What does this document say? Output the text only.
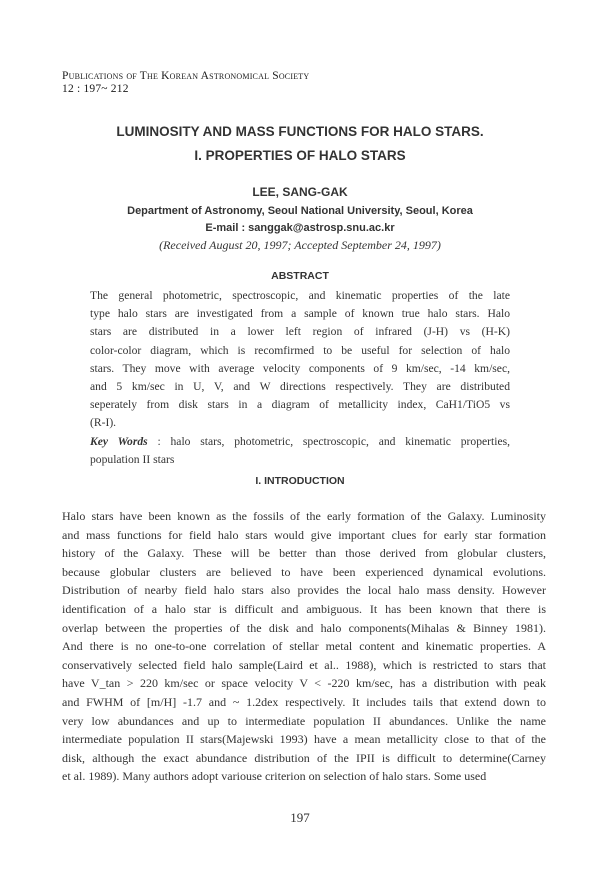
Publications of The Korean Astronomical Society
12 : 197~ 212
LUMINOSITY AND MASS FUNCTIONS FOR HALO STARS.
I. PROPERTIES OF HALO STARS
LEE, SANG-GAK
Department of Astronomy, Seoul National University, Seoul, Korea
E-mail : sanggak@astrosp.snu.ac.kr
(Received August 20, 1997; Accepted September 24, 1997)
ABSTRACT
The general photometric, spectroscopic, and kinematic properties of the late
type halo stars are investigated from a sample of known true halo stars. Halo
stars are distributed in a lower left region of infrared (J-H) vs (H-K)
color-color diagram, which is recomfirmed to be useful for selection of halo
stars. They move with average velocity components of 9 km/sec, -14 km/sec,
and 5 km/sec in U, V, and W directions respectively. They are distributed
seperately from disk stars in a diagram of metallicity index, CaH1/TiO5 vs
(R-I).
Key Words : halo stars, photometric, spectroscopic, and kinematic properties,
population II stars
I. INTRODUCTION
Halo stars have been known as the fossils of the early formation of the Galaxy. Luminosity
and mass functions for field halo stars would give important clues for early star formation
history of the Galaxy. These will be better than those derived from globular clusters,
because globular clusters are believed to have been experienced dynamical evolutions.
Distribution of nearby field halo stars also provides the local halo mass density. However
identification of a halo star is difficult and ambiguous. It has been known that there is
overlap between the properties of the disk and halo components(Mihalas & Binney 1981).
And there is no one-to-one correlation of stellar metal content and kinematic properties. A
conservatively selected field halo sample(Laird et al.. 1988), which is restricted to stars that
have V_tan > 220 km/sec or space velocity V < -220 km/sec, has a distribution with peak
and FWHM of [m/H] -1.7 and ~ 1.2dex respectively. It includes tails that extend down to
very low abundances and up to intermediate population II abundances. Unlike the name
intermediate population II stars(Majewski 1993) have a mean metallicity close to that of the
disk, although the exact abundance distribution of the IPII is difficult to determine(Carney
et al. 1989). Many authors adopt variouse criterion on selection of halo stars. Some used
197
